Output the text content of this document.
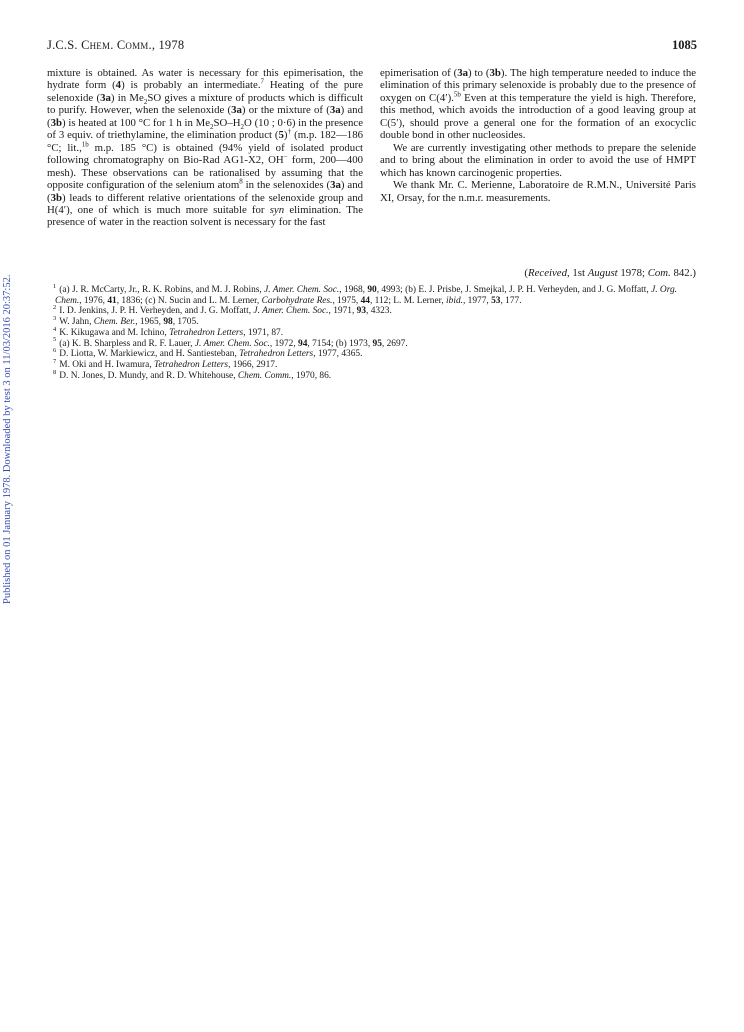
J.C.S. Chem. Comm., 1978	1085

mixture is obtained. As water is necessary for this epimerisation, the hydrate form (4) is probably an intermediate.$^7$ Heating of the pure selenoxide (3a) in $Me_2SO$ gives a mixture of products which is difficult to purify. However, when the selenoxide (3a) or the mixture of (3a) and (3b) is heated at 100 °C for 1 h in $Me_2SO-H_2O$ (10 ; 0·6) in the presence of 3 equiv. of triethylamine, the elimination product (5)† (m.p. 182—186 °C; lit.,$^{1b}$ m.p. 185 °C) is obtained (94% yield of isolated product following chromatography on Bio-Rad AG1-X2, OH− form, 200—400 mesh). These observations can be rationalised by assuming that the opposite configuration of the selenium atom$^8$ in the selenoxides (3a) and (3b) leads to different relative orientations of the selenoxide group and H(4′), one of which is much more suitable for syn elimination. The presence of water in the reaction solvent is necessary for the fast

epimerisation of (3a) to (3b). The high temperature needed to induce the elimination of this primary selenoxide is probably due to the presence of oxygen on C(4′).$^{5b}$ Even at this temperature the yield is high. Therefore, this method, which avoids the introduction of a good leaving group at C(5′), should prove a general one for the formation of an exocyclic double bond in other nucleosides.

We are currently investigating other methods to prepare the selenide and to bring about the elimination in order to avoid the use of HMPT which has known carcinogenic properties.

We thank Mr. C. Merienne, Laboratoire de R.M.N., Université Paris XI, Orsay, for the n.m.r. measurements.

(Received, 1st August 1978; Com. 842.)

$^1$ (a) J. R. McCarty, Jr., R. K. Robins, and M. J. Robins, J. Amer. Chem. Soc., 1968, 90, 4993; (b) E. J. Prisbe, J. Smejkal, J. P. H. Verheyden, and J. G. Moffatt, J. Org. Chem., 1976, 41, 1836; (c) N. Sucin and L. M. Lerner, Carbohydrate Res., 1975, 44, 112; L. M. Lerner, ibid., 1977, 53, 177.

$^2$ I. D. Jenkins, J. P. H. Verheyden, and J. G. Moffatt, J. Amer. Chem. Soc., 1971, 93, 4323.

$^3$ W. Jahn, Chem. Ber., 1965, 98, 1705.

$^4$ K. Kikugawa and M. Ichino, Tetrahedron Letters, 1971, 87.

$^5$ (a) K. B. Sharpless and R. F. Lauer, J. Amer. Chem. Soc., 1972, 94, 7154; (b) 1973, 95, 2697.

$^6$ D. Liotta, W. Markiewicz, and H. Santiesteban, Tetrahedron Letters, 1977, 4365.

$^7$ M. Oki and H. Iwamura, Tetrahedron Letters, 1966, 2917.

$^8$ D. N. Jones, D. Mundy, and R. D. Whitehouse, Chem. Comm., 1970, 86.

Published on 01 January 1978. Downloaded by test 3 on 11/03/2016 20:37:52.
